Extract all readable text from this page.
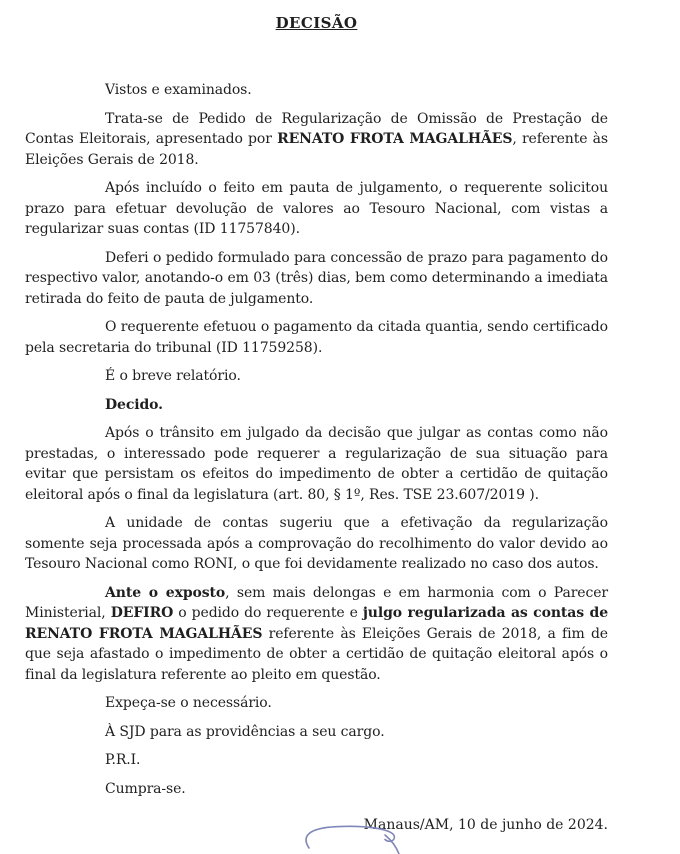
DECISÃO

Vistos e examinados.

Trata-se de Pedido de Regularização de Omissão de Prestação de Contas Eleitorais, apresentado por RENATO FROTA MAGALHÃES, referente às Eleições Gerais de 2018.

Após incluído o feito em pauta de julgamento, o requerente solicitou prazo para efetuar devolução de valores ao Tesouro Nacional, com vistas a regularizar suas contas (ID 11757840).

Deferi o pedido formulado para concessão de prazo para pagamento do respectivo valor, anotando-o em 03 (três) dias, bem como determinando a imediata retirada do feito de pauta de julgamento.

O requerente efetuou o pagamento da citada quantia, sendo certificado pela secretaria do tribunal (ID 11759258).

É o breve relatório.

Decido.

Após o trânsito em julgado da decisão que julgar as contas como não prestadas, o interessado pode requerer a regularização de sua situação para evitar que persistam os efeitos do impedimento de obter a certidão de quitação eleitoral após o final da legislatura (art. 80, § 1º, Res. TSE 23.607/2019 ).

A unidade de contas sugeriu que a efetivação da regularização somente seja processada após a comprovação do recolhimento do valor devido ao Tesouro Nacional como RONI, o que foi devidamente realizado no caso dos autos.

Ante o exposto, sem mais delongas e em harmonia com o Parecer Ministerial, DEFIRO o pedido do requerente e julgo regularizada as contas de RENATO FROTA MAGALHÃES referente às Eleições Gerais de 2018, a fim de que seja afastado o impedimento de obter a certidão de quitação eleitoral após o final da legislatura referente ao pleito em questão.

Expeça-se o necessário.

À SJD para as providências a seu cargo.

P.R.I.

Cumpra-se.

Manaus/AM, 10 de junho de 2024.
